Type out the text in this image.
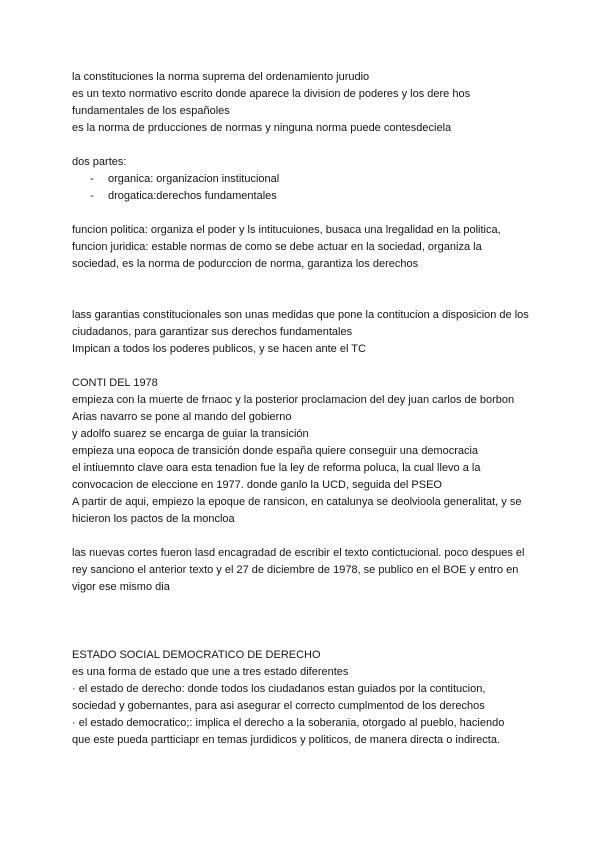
la constituciones la norma suprema del ordenamiento jurudio
es un texto normativo escrito donde aparece la division de poderes y los dere hos
fundamentales de los españoles
es la norma de prducciones de normas y ninguna norma puede contesdeciela
dos partes:
- organica: organizacion institucional
- drogatica:derechos fundamentales
funcion politica: organiza el poder y ls intitucuiones, busaca una lregalidad en la politica,
funcion juridica: estable normas de como se debe actuar en la sociedad, organiza la
sociedad, es la norma de podurccion de norma, garantiza los derechos
lass garantias constitucionales son unas medidas que pone la contitucion a disposicion de los
ciudadanos, para garantizar sus derechos fundamentales
Impican a todos los poderes publicos, y se hacen ante el TC
CONTI DEL 1978
empieza con la muerte de frnaoc y la posterior proclamacion del dey juan carlos de borbon
Arias navarro se pone al mando del gobierno
y adolfo suarez se encarga de guiar la transición
empieza una eopoca de transición donde españa quiere conseguir una democracia
el intiuemnto clave oara esta tenadion fue la ley de reforma poluca, la cual llevo a la
convocacion de eleccione en 1977. donde ganlo la UCD, seguida del PSEO
A partir de aqui, empiezo la epoque de ransicon, en catalunya se deolvioola generalitat, y se
hicieron los pactos de la moncloa
las nuevas cortes fueron lasd encagradad de escribir el texto contictucional. poco despues el
rey sanciono el anterior texto y el 27 de diciembre de 1978, se publico en el BOE y entro en
vigor ese mismo dia
ESTADO SOCIAL DEMOCRATICO DE DERECHO
es una forma de estado que une a tres estado diferentes
· el estado de derecho: donde todos los ciudadanos estan guiados por la contitucion,
sociedad y gobernantes, para asi asegurar el correcto cumplmentod de los derechos
· el estado democratico;: implica el derecho a la soberania, otorgado al pueblo, haciendo
que este pueda partticiapr en temas jurdidicos y politicos, de manera directa o indirecta.
